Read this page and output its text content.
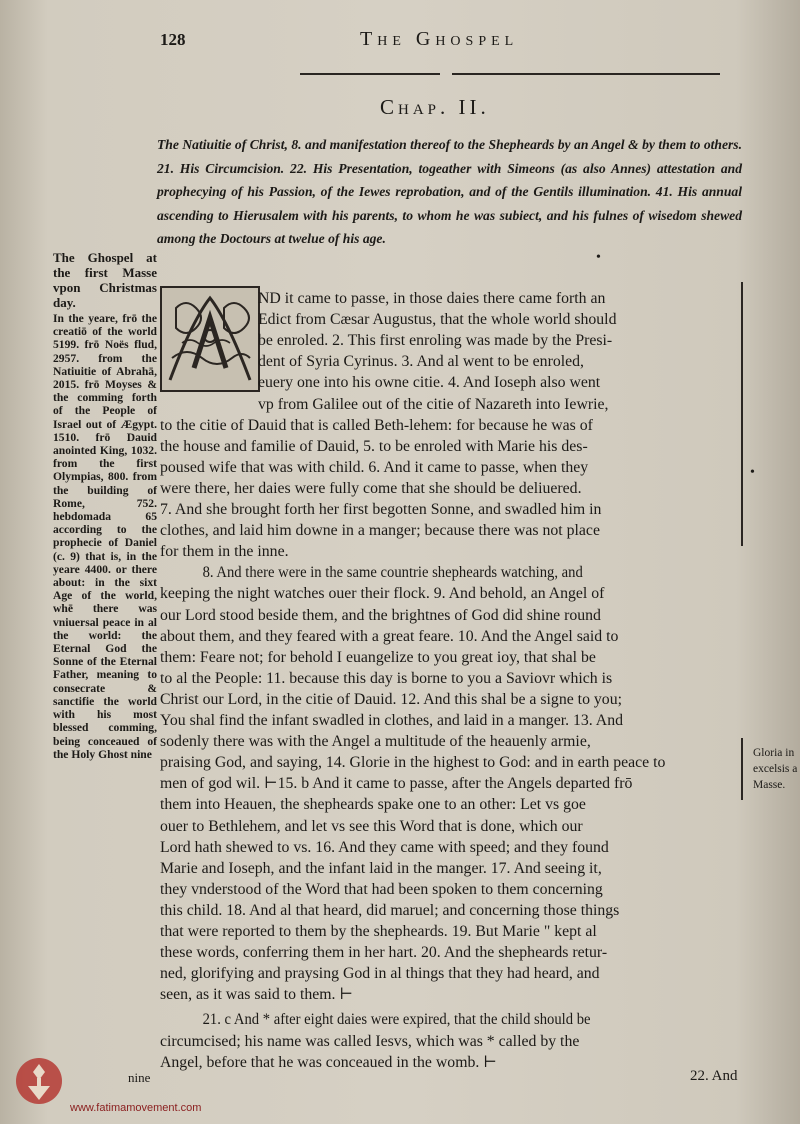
128	The Ghospel
Chap. II.
The Natiuitie of Christ, 8. and manifestation thereof to the Shepheards by an Angel & by them to others. 21. His Circumcision. 22. His Presentation, togeather with Simeons (as also Annes) attestation and prophecying of his Passion, of the Iewes reprobation, and of the Gentils illumination. 41. His annual ascending to Hierusalem with his parents, to whom he was subiect, and his fulnes of wisedom shewed among the Doctours at twelue of his age.
•
The Ghospel at the first Masse vpon Christmas day.
In the yeare, frō the creatiō of the world 5199. frō Noës flud, 2957. from the Natiuitie of Abrahā, 2015. frō Moyses & the comming forth of the People of Israel out of Ægypt. 1510. frō Dauid anointed King, 1032. from the first Olympias, 800. from the building of Rome, 752. hebdomada 65 according to the prophecie of Daniel (c. 9) that is, in the yeare 4400. or there about: in the sixt Age of the world, whē there was vniuersal peace in al the world: the Eternal God the Sonne of the Eternal Father, meaning to consecrate & sanctifie the world with his most blessed comming, being conceaued of the Holy Ghost nine
ND it came to passe, in those daies there came forth an
Edict from Cæsar Augustus, that the whole world should
be enroled. 2. This first enroling was made by the Presi-
dent of Syria Cyrinus. 3. And al went to be enroled,
euery one into his owne citie. 4. And Ioseph also went
vp from Galilee out of the citie of Nazareth into Iewrie,
to the citie of Dauid that is called Beth-lehem: for because he was of
the house and familie of Dauid, 5. to be enroled with Marie his des-
poused wife that was with child. 6. And it came to passe, when they
were there, her daies were fully come that she should be deliuered.
7. And she brought forth her first begotten Sonne, and swadled him in
clothes, and laid him downe in a manger; because there was not place
for them in the inne.
8. And there were in the same countrie shepheards watching, and
keeping the night watches ouer their flock. 9. And behold, an Angel of
our Lord stood beside them, and the brightnes of God did shine round
about them, and they feared with a great feare. 10. And the Angel said to
them: Feare not; for behold I euangelize to you great ioy, that shal be
to al the People: 11. because this day is borne to you a Saviovr which is
Christ our Lord, in the citie of Dauid. 12. And this shal be a signe to you;
You shal find the infant swadled in clothes, and laid in a manger. 13. And
sodenly there was with the Angel a multitude of the heauenly armie,
praising God, and saying, 14. Glorie in the highest to God: and in earth peace to
men of god wil. ⊢15. b And it came to passe, after the Angels departed frō
them into Heauen, the shepheards spake one to an other: Let vs goe
ouer to Bethlehem, and let vs see this Word that is done, which our
Lord hath shewed to vs. 16. And they came with speed; and they found
Marie and Ioseph, and the infant laid in the manger. 17. And seeing it,
they vnderstood of the Word that had been spoken to them concerning
this child. 18. And al that heard, did maruel; and concerning those things
that were reported to them by the shepheards. 19. But Marie " kept al
these words, conferring them in her hart. 20. And the shepheards retur-
ned, glorifying and praysing God in al things that they had heard, and
seen, as it was said to them. ⊢
21. c And * after eight daies were expired, that the child should be
circumcised; his name was called Iesvs, which was * called by the
Angel, before that he was conceaued in the womb. ⊢
•
Gloria in excelsis a Masse.
nine	22. And
www.fatimamovement.com
